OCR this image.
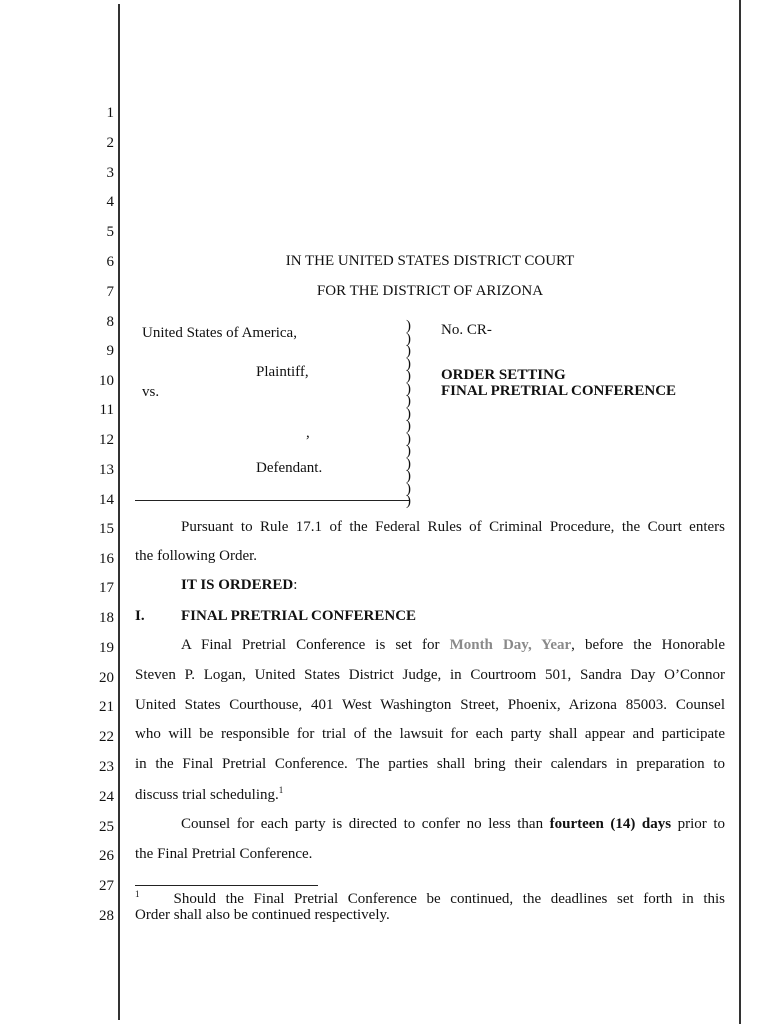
1
2
3
4
5
6
7
8
9
10
11
12
13
14
15
16
17
18
19
20
21
22
23
24
25
26
27
28
IN THE UNITED STATES DISTRICT COURT
FOR THE DISTRICT OF ARIZONA
United States of America,
Plaintiff,
vs.
,
Defendant.
)
)
)
)
)
)
)
)
)
)
)
)
)
)
)
No. CR-
ORDER SETTING
FINAL PRETRIAL CONFERENCE
Pursuant to Rule 17.1 of the Federal Rules of Criminal Procedure, the Court enters
the following Order.
IT IS ORDERED:
I. FINAL PRETRIAL CONFERENCE
A Final Pretrial Conference is set for Month Day, Year, before the Honorable
Steven P. Logan, United States District Judge, in Courtroom 501, Sandra Day O’Connor
United States Courthouse, 401 West Washington Street, Phoenix, Arizona 85003. Counsel
who will be responsible for trial of the lawsuit for each party shall appear and participate
in the Final Pretrial Conference. The parties shall bring their calendars in preparation to
discuss trial scheduling.$^1$
Counsel for each party is directed to confer no less than fourteen (14) days prior to
the Final Pretrial Conference.
$^1$ Should the Final Pretrial Conference be continued, the deadlines set forth in this
Order shall also be continued respectively.
